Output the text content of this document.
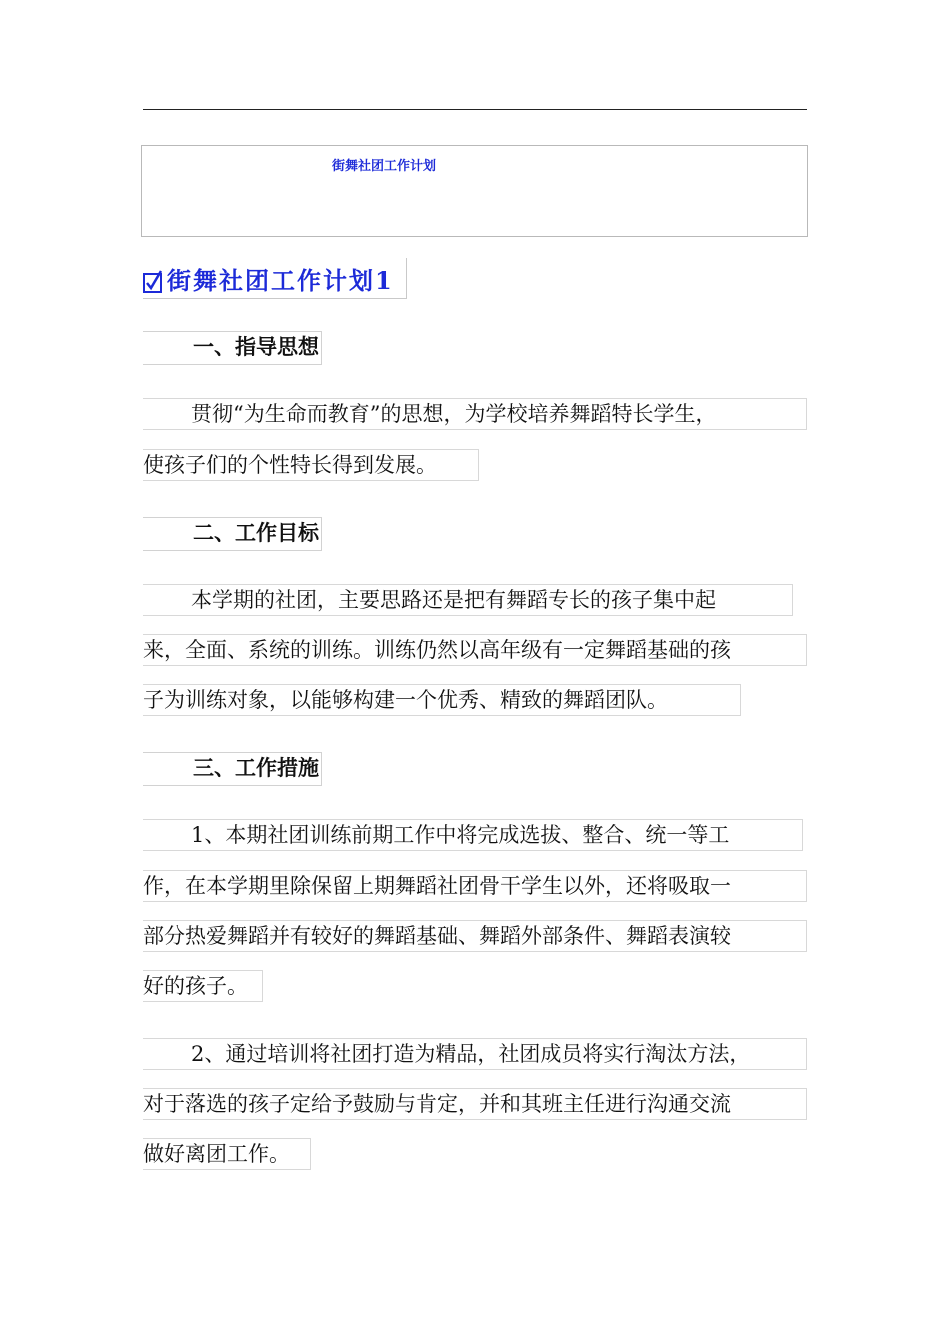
街舞社团工作计划
街舞社团工作计划1
一、指导思想
贯彻“为生命而教育”的思想，为学校培养舞蹈特长学生，
使孩子们的个性特长得到发展。
二、工作目标
本学期的社团，主要思路还是把有舞蹈专长的孩子集中起
来，全面、系统的训练。训练仍然以高年级有一定舞蹈基础的孩
子为训练对象，以能够构建一个优秀、精致的舞蹈团队。
三、工作措施
1、本期社团训练前期工作中将完成选拔、整合、统一等工
作，在本学期里除保留上期舞蹈社团骨干学生以外，还将吸取一
部分热爱舞蹈并有较好的舞蹈基础、舞蹈外部条件、舞蹈表演较
好的孩子。
2、通过培训将社团打造为精品，社团成员将实行淘汰方法，
对于落选的孩子定给予鼓励与肯定，并和其班主任进行沟通交流
做好离团工作。
